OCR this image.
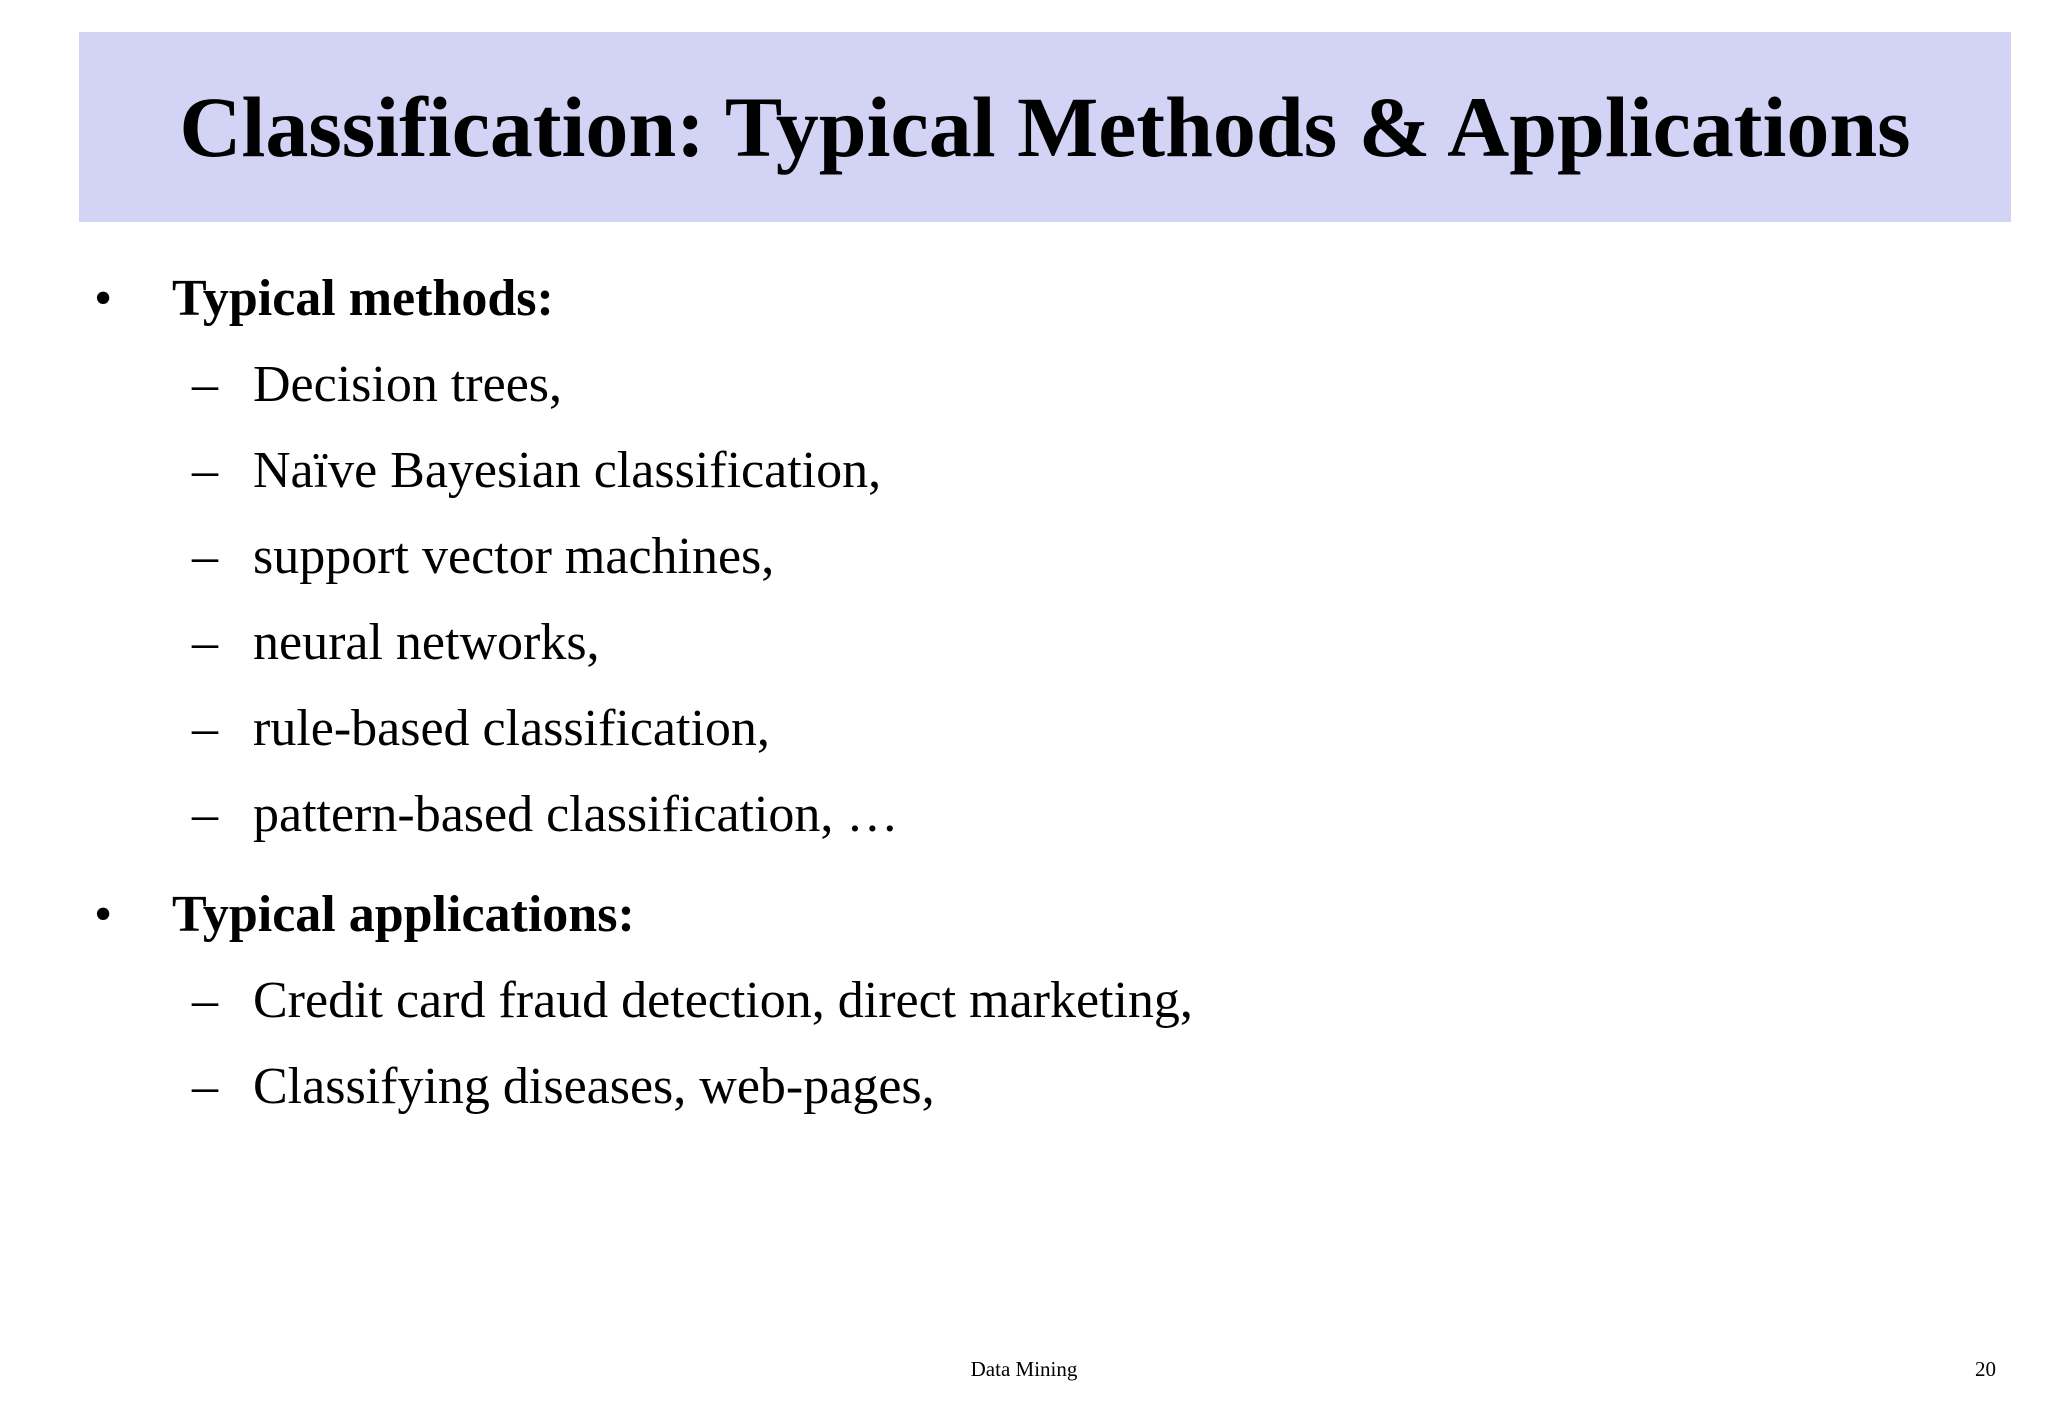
Classification: Typical Methods & Applications
• Typical methods:
– Decision trees,
– Naïve Bayesian classification,
– support vector machines,
– neural networks,
– rule-based classification,
– pattern-based classification, …
• Typical applications:
– Credit card fraud detection, direct marketing,
– Classifying diseases, web-pages,
Data Mining	20
